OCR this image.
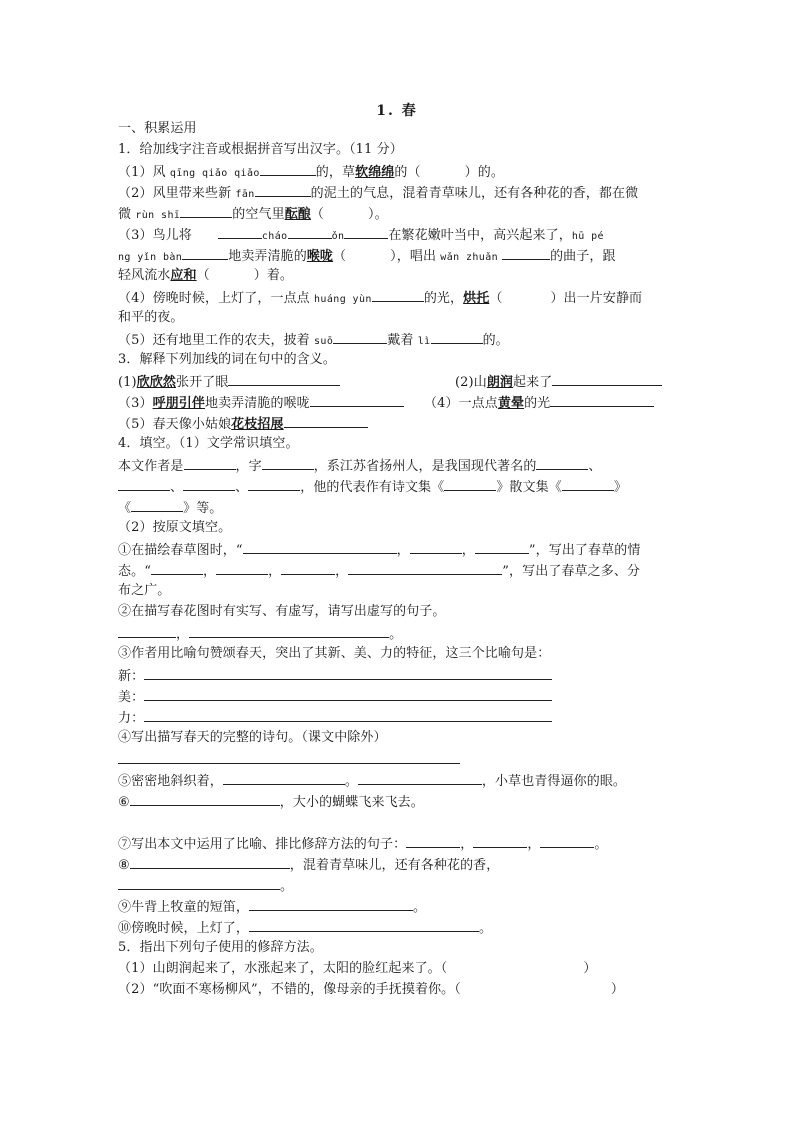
1. 春
一、积累运用
1．给加线字注音或根据拼音写出汉字。（11 分）
（1）风 qīng qiǎo qiǎo	的，草软绵绵的（	）的。
（2）风里带来些新 fān	的泥土的气息，混着青草味儿，还有各种花的香，都在微
微 rùn shī	的空气里酝酿（	）。
（3）鸟儿将	cháo	ǒn	在繁花嫩叶当中，高兴起来了，hū pé
ng yǐn bàn	地卖弄清脆的喉咙（	），唱出 wǎn zhuǎn	的曲子，跟
轻风流水应和（	）着。
（4）傍晚时候，上灯了，一点点 huáng yùn	的光，烘托（	）出一片安静而
和平的夜。
（5）还有地里工作的农夫，披着 suō	戴着 lì	的。
3．解释下列加线的词在句中的含义。
(1)欣欣然张开了眼	(2)山朗润起来了
（3）呼朋引伴地卖弄清脆的喉咙	（4）一点点黄晕的光
（5）春天像小姑娘花枝招展
4．填空。（1）文学常识填空。
本文作者是	，字	，系江苏省扬州人，是我国现代著名的	、
、	、	，他的代表作有诗文集《	》散文集《	》
《	》等。
（2）按原文填空。
①在描绘春草图时，“	，	，	”，写出了春草的情
态。“	，	，	，	”，写出了春草之多、分
布之广。
②在描写春花图时有实写、有虚写，请写出虚写的句子。
，	。
③作者用比喻句赞颂春天，突出了其新、美、力的特征，这三个比喻句是：
新：
美：
力：
④写出描写春天的完整的诗句。（课文中除外）
⑤密密地斜织着，	。	，小草也青得逼你的眼。
⑥	，大小的蝴蝶飞来飞去。
⑦写出本文中运用了比喻、排比修辞方法的句子：	，	，	。
⑧	，混着青草味儿，还有各种花的香，
。
⑨牛背上牧童的短笛，	。
⑩傍晚时候，上灯了，	。
5．指出下列句子使用的修辞方法。
（1）山朗润起来了，水涨起来了，太阳的脸红起来了。（	）
（2）“吹面不寒杨柳风”，不错的，像母亲的手抚摸着你。（	）
